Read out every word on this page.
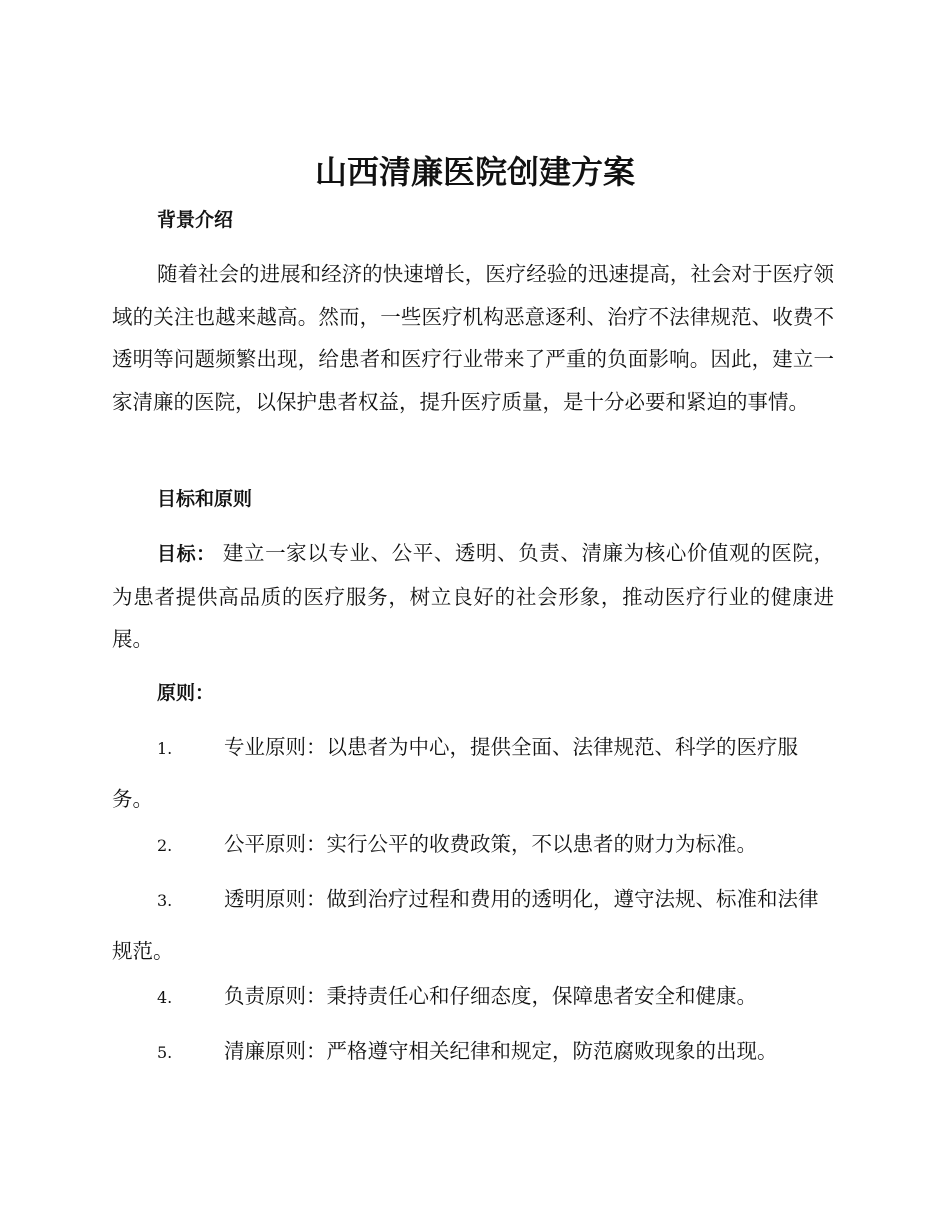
山西清廉医院创建方案
背景介绍

随着社会的进展和经济的快速增长，医疗经验的迅速提高，社会对于医疗领域的关注也越来越高。然而，一些医疗机构恶意逐利、治疗不法律规范、收费不透明等问题频繁出现，给患者和医疗行业带来了严重的负面影响。因此，建立一家清廉的医院，以保护患者权益，提升医疗质量，是十分必要和紧迫的事情。

目标和原则

目标： 建立一家以专业、公平、透明、负责、清廉为核心价值观的医院，为患者提供高品质的医疗服务，树立良好的社会形象，推动医疗行业的健康进展。

原则：

1.	专业原则：以患者为中心，提供全面、法律规范、科学的医疗服务。

2.	公平原则：实行公平的收费政策，不以患者的财力为标准。

3.	透明原则：做到治疗过程和费用的透明化，遵守法规、标准和法律规范。

4.	负责原则：秉持责任心和仔细态度，保障患者安全和健康。

5.	清廉原则：严格遵守相关纪律和规定，防范腐败现象的出现。
